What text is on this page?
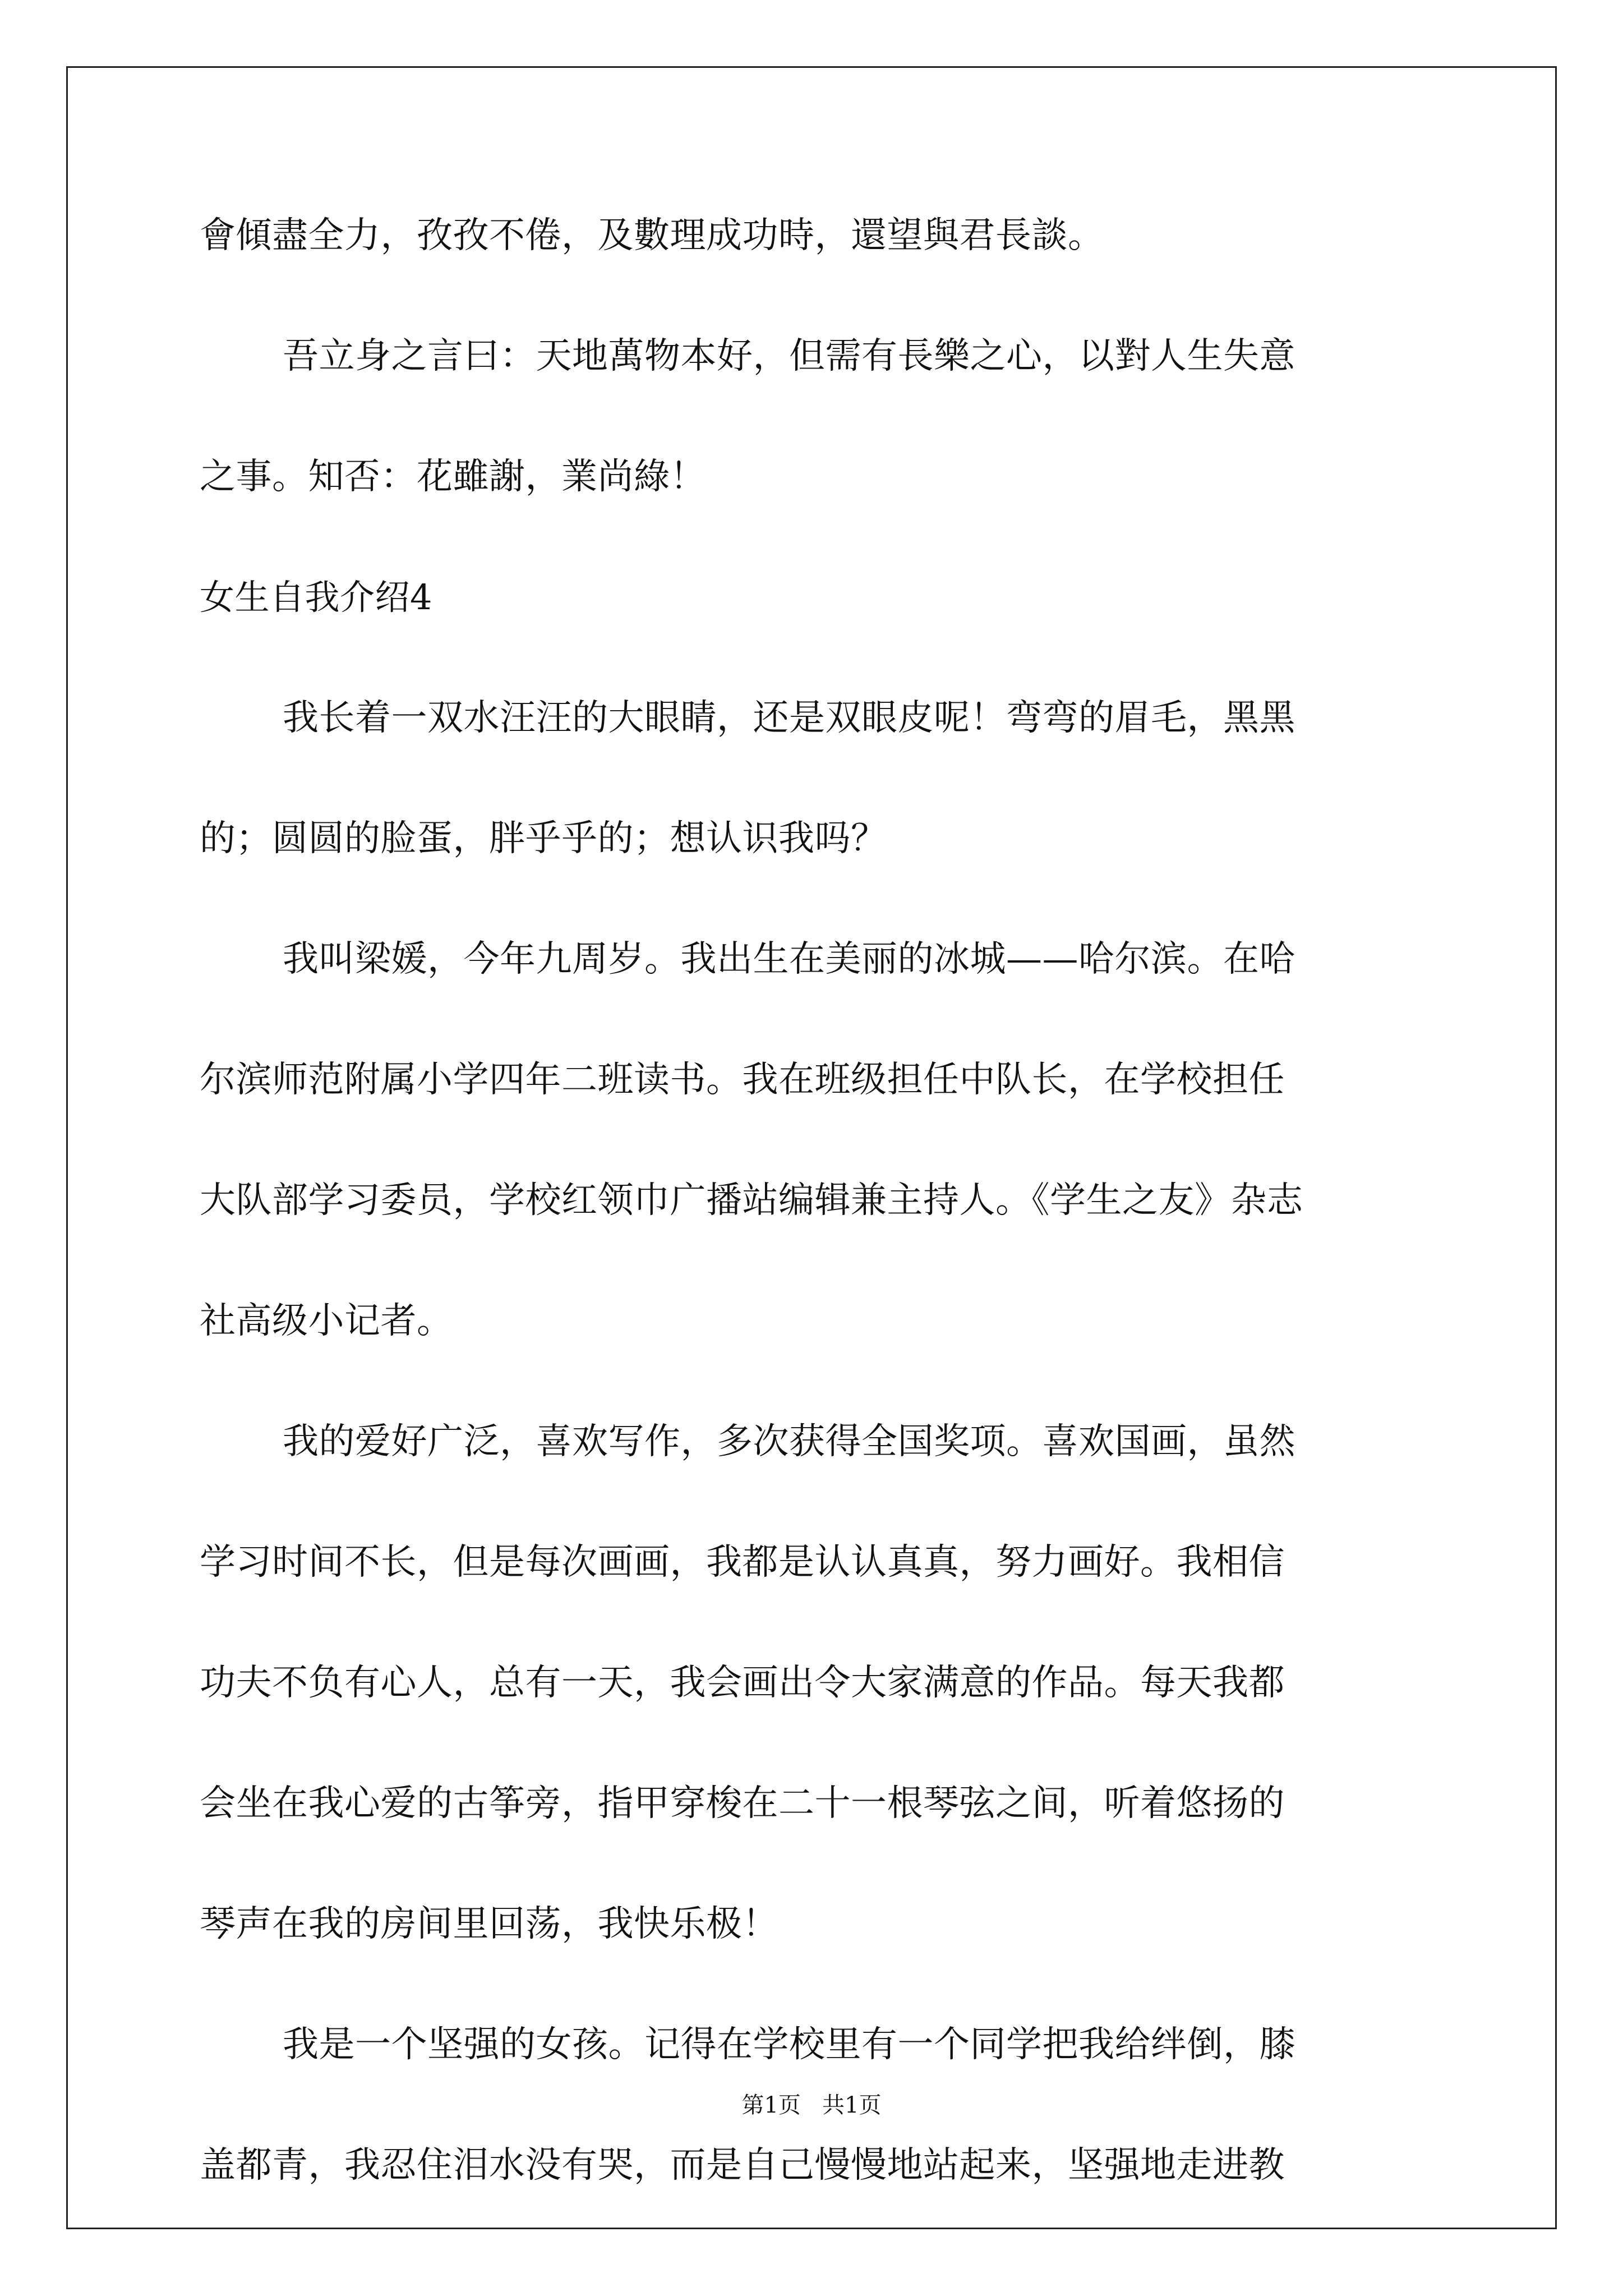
會傾盡全力，孜孜不倦，及數理成功時，還望與君長談。
吾立身之言曰：天地萬物本好，但需有長樂之心，以對人生失意
之事。知否：花雖謝，業尚綠！
女生自我介绍4
我长着一双水汪汪的大眼睛，还是双眼皮呢！弯弯的眉毛，黑黑
的；圆圆的脸蛋，胖乎乎的；想认识我吗？
我叫梁媛，今年九周岁。我出生在美丽的冰城——哈尔滨。在哈
尔滨师范附属小学四年二班读书。我在班级担任中队长，在学校担任
大队部学习委员，学校红领巾广播站编辑兼主持人。《学生之友》杂志
社高级小记者。
我的爱好广泛，喜欢写作，多次获得全国奖项。喜欢国画，虽然
学习时间不长，但是每次画画，我都是认认真真，努力画好。我相信
功夫不负有心人，总有一天，我会画出令大家满意的作品。每天我都
会坐在我心爱的古筝旁，指甲穿梭在二十一根琴弦之间，听着悠扬的
琴声在我的房间里回荡，我快乐极！
我是一个坚强的女孩。记得在学校里有一个同学把我给绊倒，膝
盖都青，我忍住泪水没有哭，而是自己慢慢地站起来，坚强地走进教
第1页   共1页
